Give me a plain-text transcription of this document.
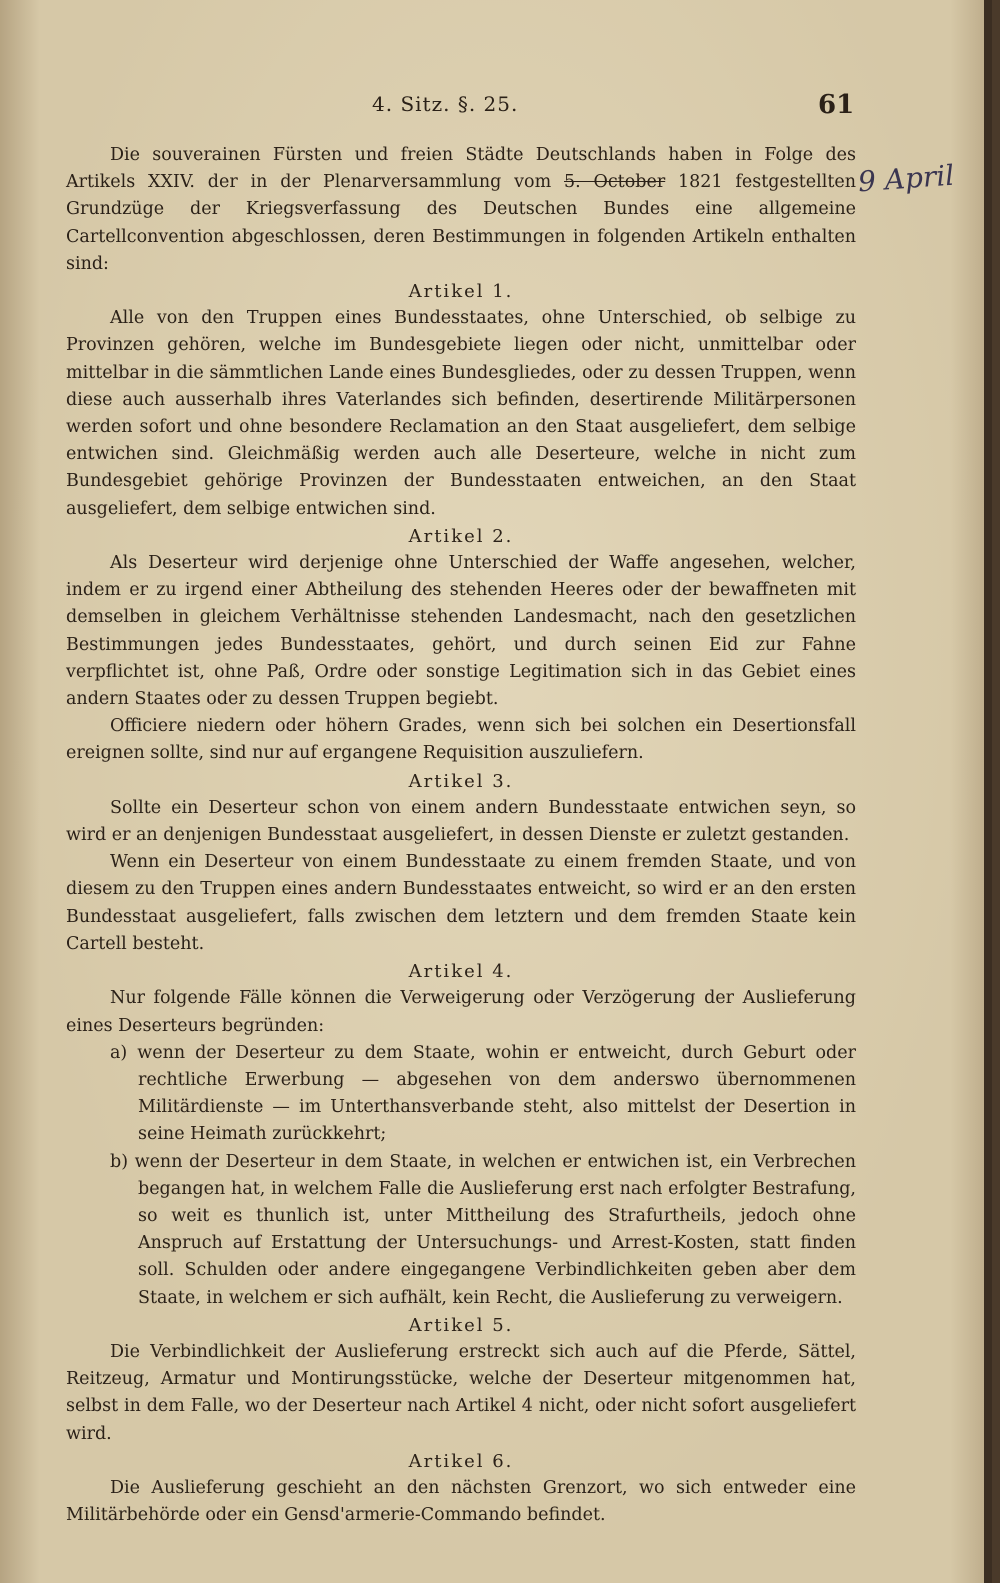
4. Sitz. §. 25.	61
9 April

Die souverainen Fürsten und freien Städte Deutschlands haben in Folge des Artikels XXIV. der in der Plenarversammlung vom 5. October 1821 festgestellten Grundzüge der Kriegsverfassung des Deutschen Bundes eine allgemeine Cartellconvention abgeschlossen, deren Bestimmungen in folgenden Artikeln enthalten sind:

Artikel 1.

Alle von den Truppen eines Bundesstaates, ohne Unterschied, ob selbige zu Provinzen gehören, welche im Bundesgebiete liegen oder nicht, unmittelbar oder mittelbar in die sämmtlichen Lande eines Bundesgliedes, oder zu dessen Truppen, wenn diese auch ausserhalb ihres Vaterlandes sich befinden, desertirende Militärpersonen werden sofort und ohne besondere Reclamation an den Staat ausgeliefert, dem selbige entwichen sind. Gleichmäßig werden auch alle Deserteure, welche in nicht zum Bundesgebiet gehörige Provinzen der Bundesstaaten entweichen, an den Staat ausgeliefert, dem selbige entwichen sind.

Artikel 2.

Als Deserteur wird derjenige ohne Unterschied der Waffe angesehen, welcher, indem er zu irgend einer Abtheilung des stehenden Heeres oder der bewaffneten mit demselben in gleichem Verhältnisse stehenden Landesmacht, nach den gesetzlichen Bestimmungen jedes Bundesstaates, gehört, und durch seinen Eid zur Fahne verpflichtet ist, ohne Paß, Ordre oder sonstige Legitimation sich in das Gebiet eines andern Staates oder zu dessen Truppen begiebt.

Officiere niedern oder höhern Grades, wenn sich bei solchen ein Desertionsfall ereignen sollte, sind nur auf ergangene Requisition auszuliefern.

Artikel 3.

Sollte ein Deserteur schon von einem andern Bundesstaate entwichen seyn, so wird er an denjenigen Bundesstaat ausgeliefert, in dessen Dienste er zuletzt gestanden.

Wenn ein Deserteur von einem Bundesstaate zu einem fremden Staate, und von diesem zu den Truppen eines andern Bundesstaates entweicht, so wird er an den ersten Bundesstaat ausgeliefert, falls zwischen dem letztern und dem fremden Staate kein Cartell besteht.

Artikel 4.

Nur folgende Fälle können die Verweigerung oder Verzögerung der Auslieferung eines Deserteurs begründen:

a) wenn der Deserteur zu dem Staate, wohin er entweicht, durch Geburt oder rechtliche Erwerbung — abgesehen von dem anderswo übernommenen Militärdienste — im Unterthansverbande steht, also mittelst der Desertion in seine Heimath zurückkehrt;
b) wenn der Deserteur in dem Staate, in welchen er entwichen ist, ein Verbrechen begangen hat, in welchem Falle die Auslieferung erst nach erfolgter Bestrafung, so weit es thunlich ist, unter Mittheilung des Strafurtheils, jedoch ohne Anspruch auf Erstattung der Untersuchungs- und Arrest-Kosten, statt finden soll. Schulden oder andere eingegangene Verbindlichkeiten geben aber dem Staate, in welchem er sich aufhält, kein Recht, die Auslieferung zu verweigern.
Artikel 5.

Die Verbindlichkeit der Auslieferung erstreckt sich auch auf die Pferde, Sättel, Reitzeug, Armatur und Montirungsstücke, welche der Deserteur mitgenommen hat, selbst in dem Falle, wo der Deserteur nach Artikel 4 nicht, oder nicht sofort ausgeliefert wird.

Artikel 6.

Die Auslieferung geschieht an den nächsten Grenzort, wo sich entweder eine Militärbehörde oder ein Gensd'armerie-Commando befindet.
